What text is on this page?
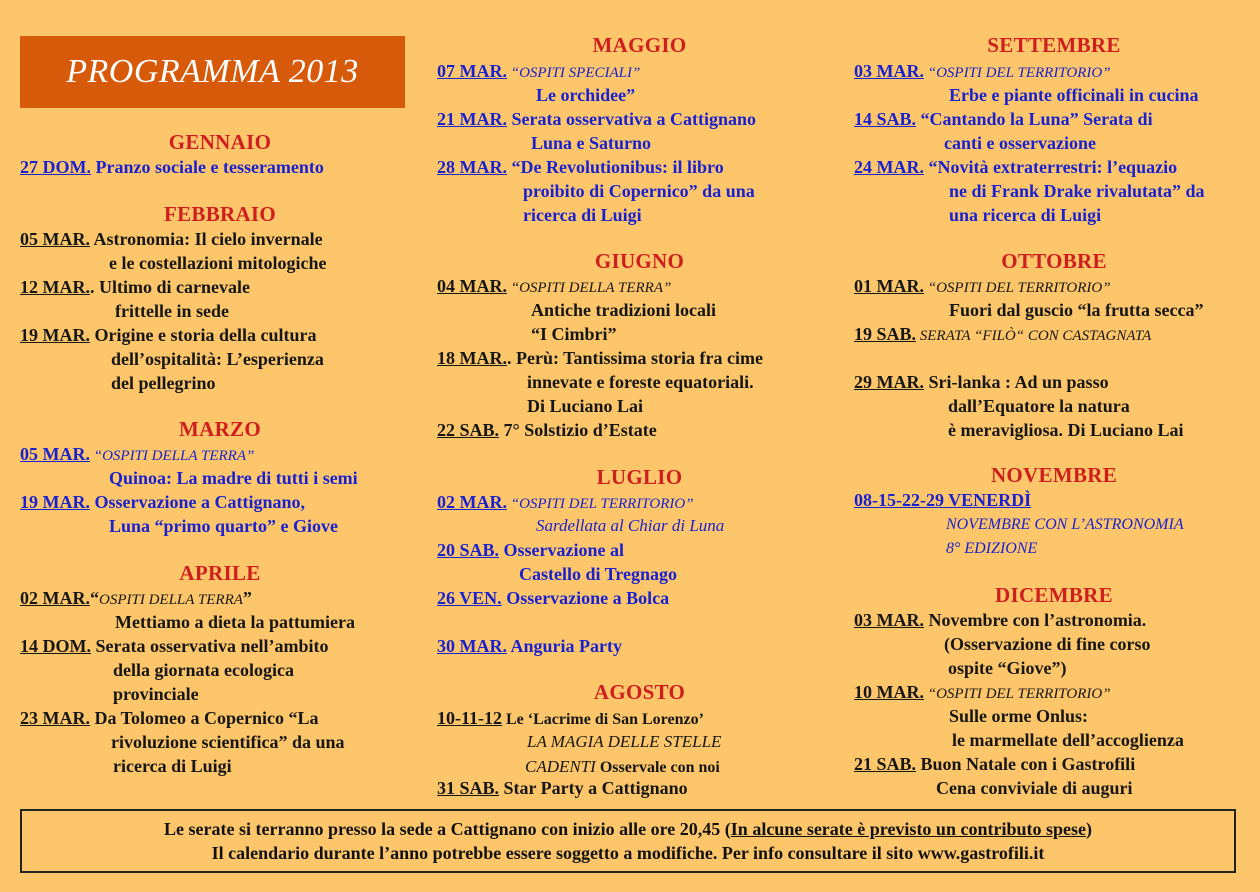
PROGRAMMA 2013
GENNAIO
27 DOM. Pranzo sociale e tesseramento
FEBBRAIO
05 MAR. Astronomia: Il cielo invernale
e le costellazioni mitologiche
12 MAR.. Ultimo di carnevale
frittelle in sede
19 MAR. Origine e storia della cultura
dell’ospitalità: L’esperienza
del pellegrino
MARZO
05 MAR. “OSPITI DELLA TERRA”
Quinoa: La madre di tutti i semi
19 MAR. Osservazione a Cattignano,
Luna “primo quarto” e Giove
APRILE
02 MAR.“OSPITI DELLA TERRA”
Mettiamo a dieta la pattumiera
14 DOM. Serata osservativa nell’ambito
della giornata ecologica
provinciale
23 MAR. Da Tolomeo a Copernico “La
rivoluzione scientifica” da una
ricerca di Luigi
MAGGIO
07 MAR. “OSPITI SPECIALI”
Le orchidee”
21 MAR. Serata osservativa a Cattignano
Luna e Saturno
28 MAR. “De Revolutionibus: il libro
proibito di Copernico” da una
ricerca di Luigi
GIUGNO
04 MAR. “OSPITI DELLA TERRA”
Antiche tradizioni locali
“I Cimbri”
18 MAR.. Perù: Tantissima storia fra cime
innevate e foreste equatoriali.
Di Luciano Lai
22 SAB. 7° Solstizio d’Estate
LUGLIO
02 MAR. “OSPITI DEL TERRITORIO”
Sardellata al Chiar di Luna
20 SAB. Osservazione al
Castello di Tregnago
26 VEN. Osservazione a Bolca
30 MAR. Anguria Party
AGOSTO
10-11-12 Le ‘Lacrime di San Lorenzo’
LA MAGIA DELLE STELLE
CADENTI Osservale con noi
31 SAB. Star Party a Cattignano
SETTEMBRE
03 MAR. “OSPITI DEL TERRITORIO”
Erbe e piante officinali in cucina
14 SAB. “Cantando la Luna” Serata di
canti e osservazione
24 MAR. “Novità extraterrestri: l’equazio
ne di Frank Drake rivalutata” da
una ricerca di Luigi
OTTOBRE
01 MAR. “OSPITI DEL TERRITORIO”
Fuori dal guscio “la frutta secca”
19 SAB. SERATA “FILÒ“ CON CASTAGNATA
29 MAR. Sri-lanka : Ad un passo
dall’Equatore la natura
è meravigliosa. Di Luciano Lai
NOVEMBRE
08-15-22-29 VENERDÌ
NOVEMBRE CON L’ASTRONOMIA
8° EDIZIONE
DICEMBRE
03 MAR. Novembre con l’astronomia.
(Osservazione di fine corso
ospite “Giove”)
10 MAR. “OSPITI DEL TERRITORIO”
Sulle orme Onlus:
le marmellate dell’accoglienza
21 SAB. Buon Natale con i Gastrofili
Cena conviviale di auguri
Le serate si terranno presso la sede a Cattignano con inizio alle ore 20,45 (In alcune serate è previsto un contributo spese)
Il calendario durante l’anno potrebbe essere soggetto a modifiche. Per info consultare il sito www.gastrofili.it
